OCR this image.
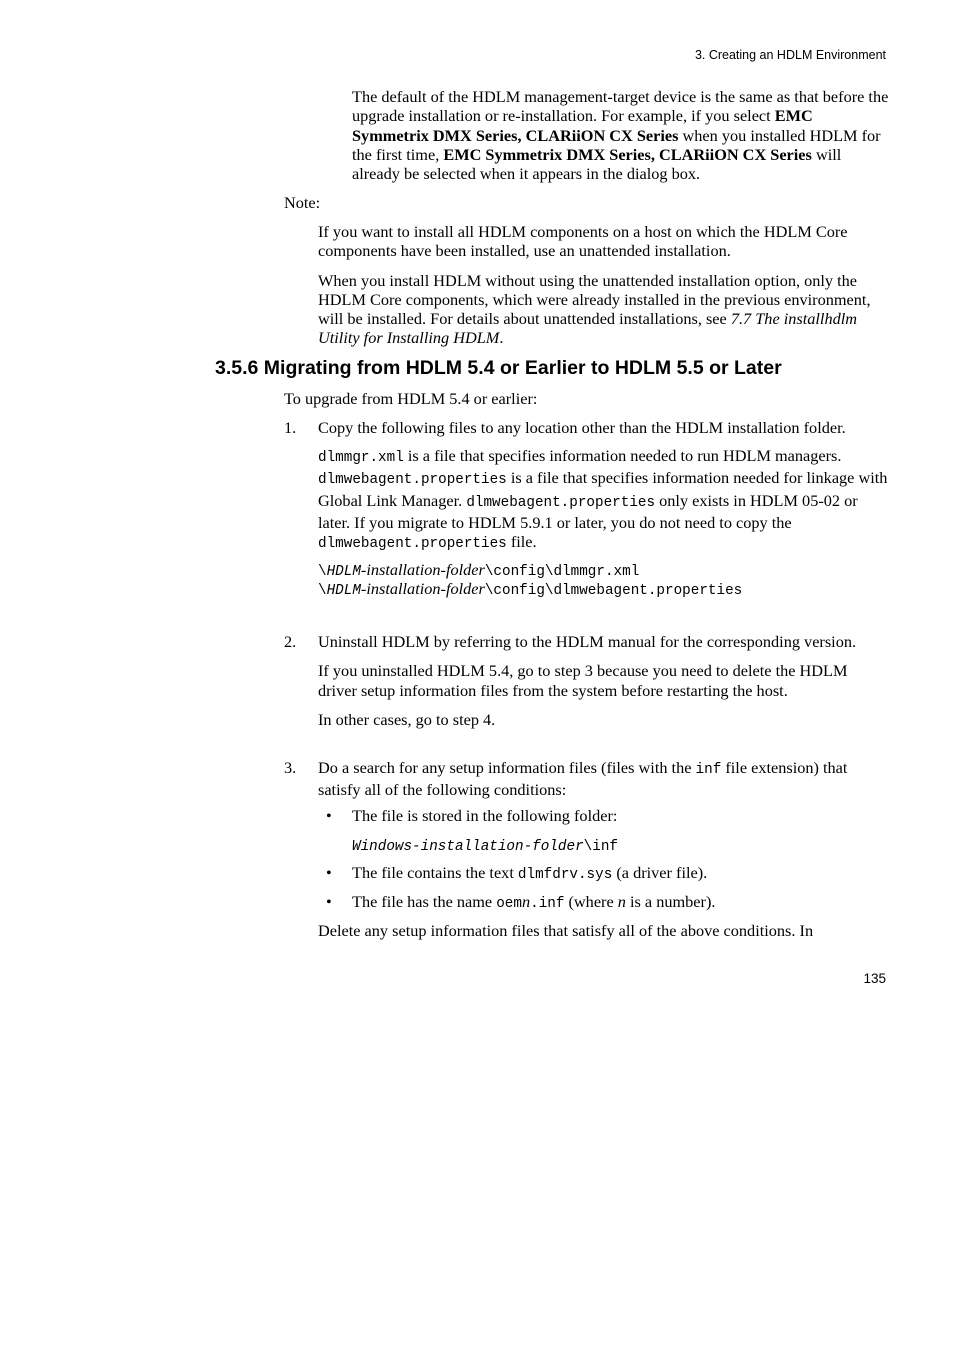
3. Creating an HDLM Environment

The default of the HDLM management-target device is the same as that before the upgrade installation or re-installation. For example, if you select EMC Symmetrix DMX Series, CLARiiON CX Series when you installed HDLM for the first time, EMC Symmetrix DMX Series, CLARiiON CX Series will already be selected when it appears in the dialog box.

Note:

If you want to install all HDLM components on a host on which the HDLM Core components have been installed, use an unattended installation.

When you install HDLM without using the unattended installation option, only the HDLM Core components, which were already installed in the previous environment, will be installed. For details about unattended installations, see 7.7 The installhdlm Utility for Installing HDLM.

3.5.6 Migrating from HDLM 5.4 or Earlier to HDLM 5.5 or Later

To upgrade from HDLM 5.4 or earlier:

1. Copy the following files to any location other than the HDLM installation folder.

dlmmgr.xml is a file that specifies information needed to run HDLM managers. dlmwebagent.properties is a file that specifies information needed for linkage with Global Link Manager. dlmwebagent.properties only exists in HDLM 05-02 or later. If you migrate to HDLM 5.9.1 or later, you do not need to copy the dlmwebagent.properties file.

\HDLM-installation-folder\config\dlmmgr.xml
\HDLM-installation-folder\config\dlmwebagent.properties
2. Uninstall HDLM by referring to the HDLM manual for the corresponding version.

If you uninstalled HDLM 5.4, go to step 3 because you need to delete the HDLM driver setup information files from the system before restarting the host.

In other cases, go to step 4.

3. Do a search for any setup information files (files with the inf file extension) that satisfy all of the following conditions:

• The file is stored in the following folder:

Windows-installation-folder\inf

• The file contains the text dlmfdrv.sys (a driver file).

• The file has the name oemn.inf (where n is a number).

Delete any setup information files that satisfy all of the above conditions. In

135
